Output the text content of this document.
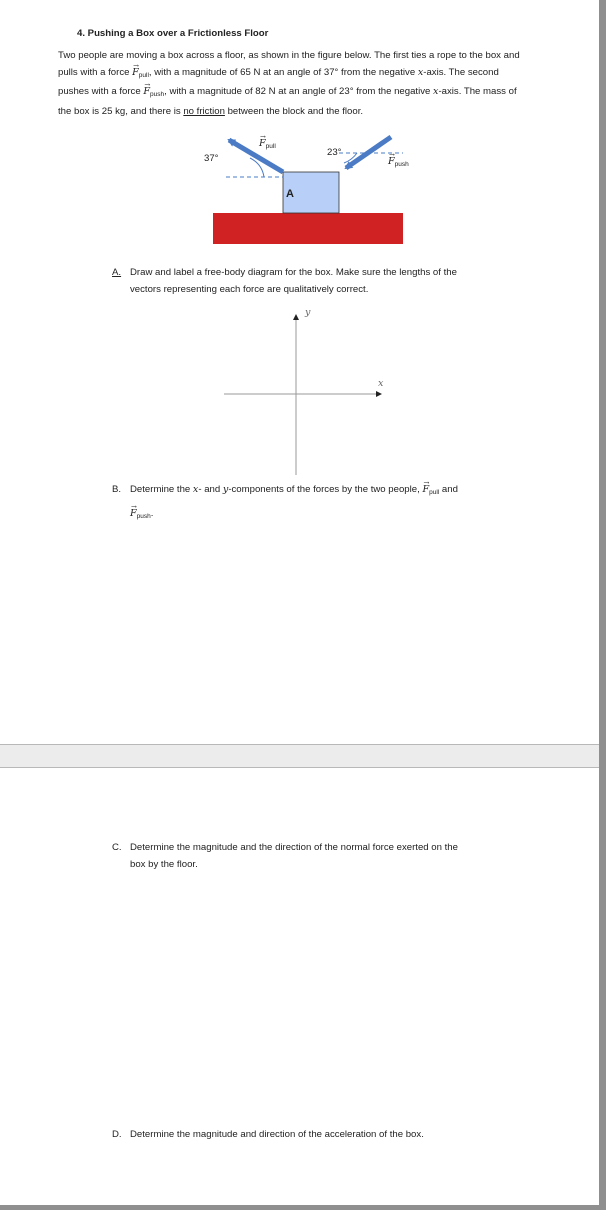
4. Pushing a Box over a Frictionless Floor

Two people are moving a box across a floor, as shown in the figure below. The first ties a rope to the box and pulls with a force → $F_{pull}$, with a magnitude of 65 N at an angle of 37° from the negative x-axis. The second pushes with a force → $F_{push}$, with a magnitude of 82 N at an angle of 23° from the negative x-axis. The mass of the box is 25 kg, and there is no friction between the block and the floor.

37°
23°
→ $F_{pull}$
→ $F_{push}$
A
A. Draw and label a free-body diagram for the box. Make sure the lengths of the
vectors representing each force are qualitatively correct.
y
x
B. Determine the x- and y-components of the forces by the two people, → $F_{pull}$ and
→ $F_{push}$.
C. Determine the magnitude and the direction of the normal force exerted on the
box by the floor.
D. Determine the magnitude and direction of the acceleration of the box.
